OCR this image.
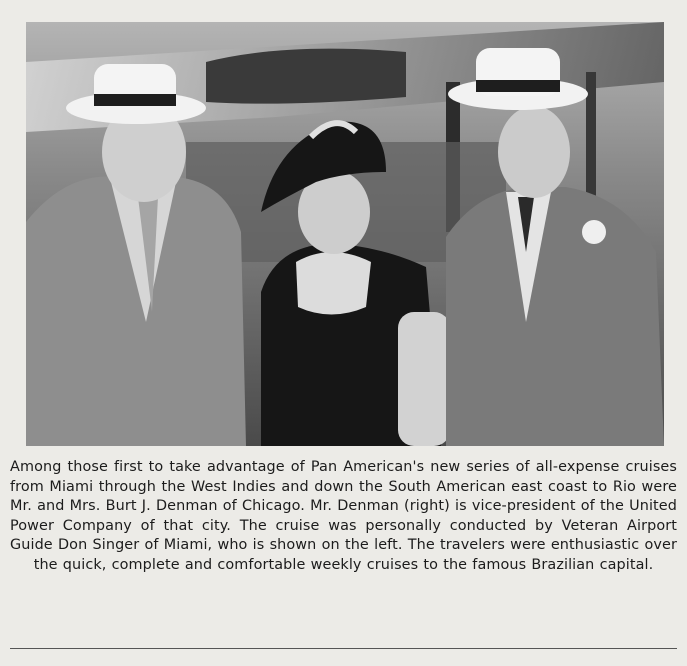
Among those first to take advantage of Pan American's new series of all-expense cruises from Miami through the West Indies and down the South American east coast to Rio were Mr. and Mrs. Burt J. Denman of Chicago. Mr. Denman (right) is vice-president of the United Power Company of that city. The cruise was personally conducted by Veteran Airport Guide Don Singer of Miami, who is shown on the left. The travelers were enthusiastic over the quick, complete and comfortable weekly cruises to the famous Brazilian capital.
